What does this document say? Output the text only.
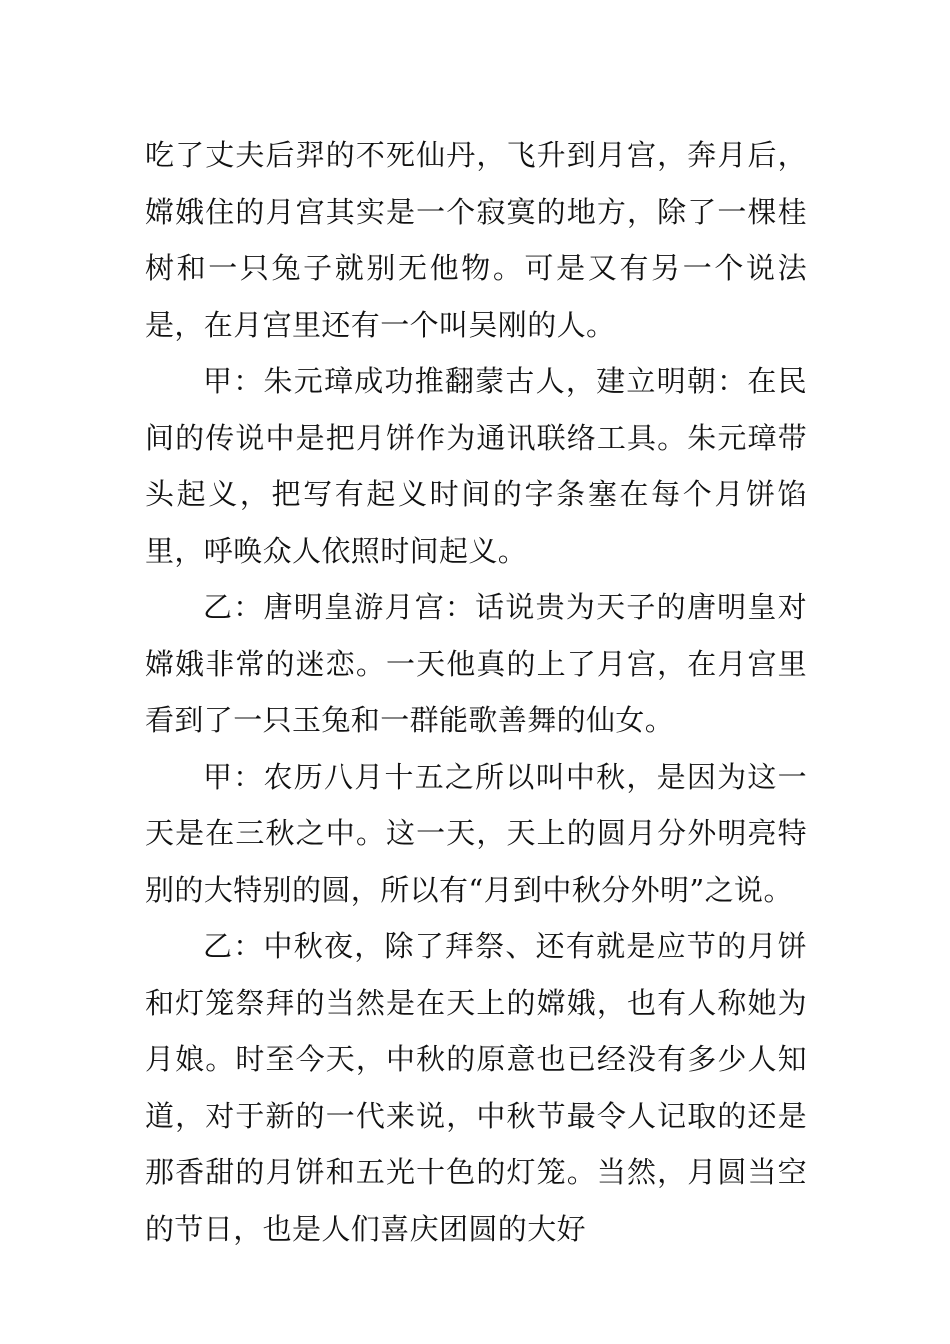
吃了丈夫后羿的不死仙丹，飞升到月宫，奔月后，嫦娥住的月宫其实是一个寂寞的地方，除了一棵桂树和一只兔子就别无他物。可是又有另一个说法是，在月宫里还有一个叫吴刚的人。

甲：朱元璋成功推翻蒙古人，建立明朝：在民间的传说中是把月饼作为通讯联络工具。朱元璋带头起义，把写有起义时间的字条塞在每个月饼馅里，呼唤众人依照时间起义。

乙：唐明皇游月宫：话说贵为天子的唐明皇对嫦娥非常的迷恋。一天他真的上了月宫，在月宫里看到了一只玉兔和一群能歌善舞的仙女。

甲：农历八月十五之所以叫中秋，是因为这一天是在三秋之中。这一天，天上的圆月分外明亮特别的大特别的圆，所以有“月到中秋分外明”之说。

乙：中秋夜，除了拜祭、还有就是应节的月饼和灯笼祭拜的当然是在天上的嫦娥，也有人称她为月娘。时至今天，中秋的原意也已经没有多少人知道，对于新的一代来说，中秋节最令人记取的还是那香甜的月饼和五光十色的灯笼。当然，月圆当空的节日，也是人们喜庆团圆的大好
